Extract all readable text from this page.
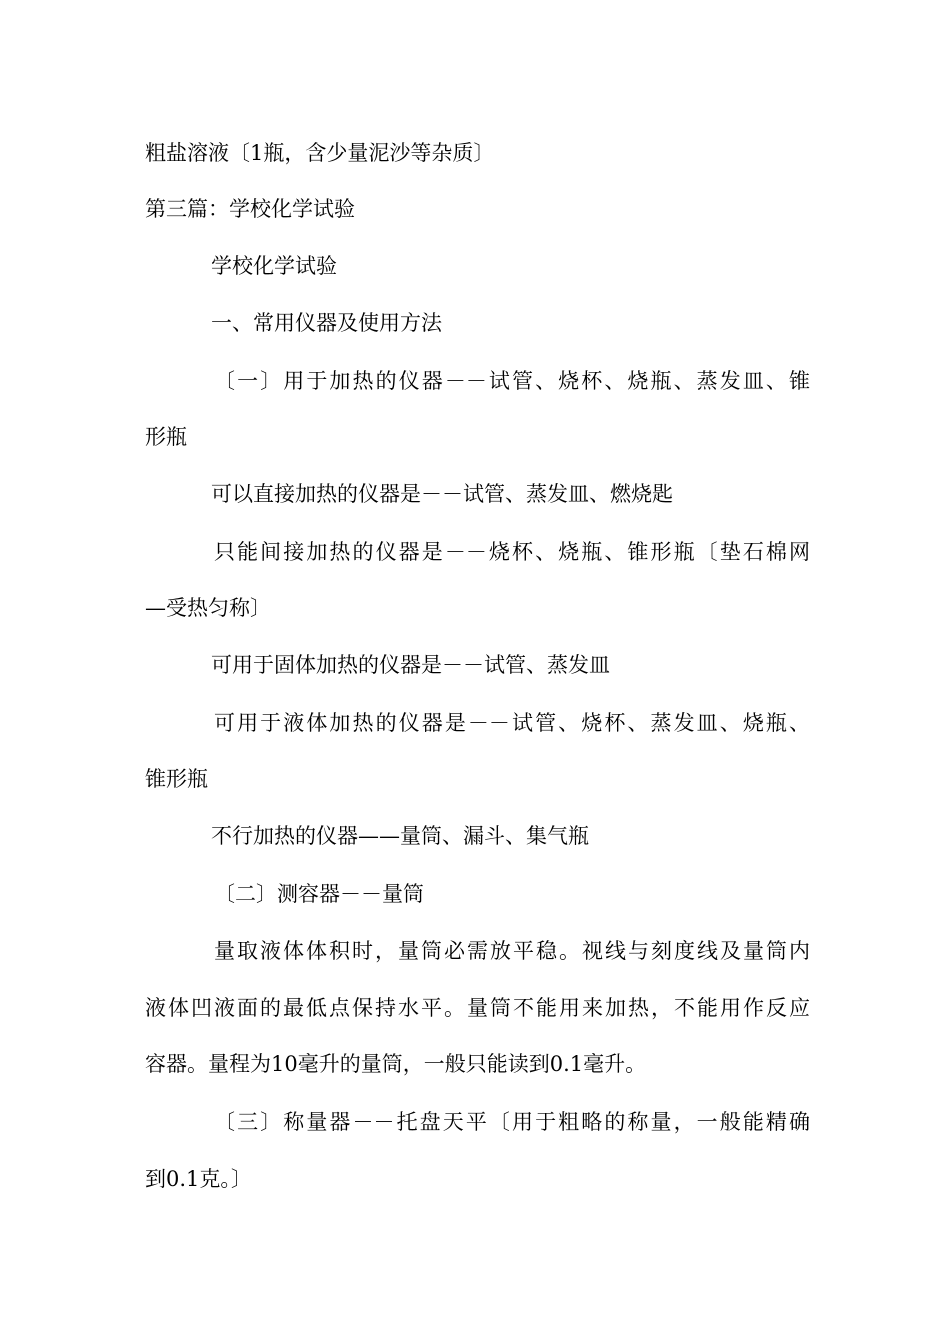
粗盐溶液〔1瓶，含少量泥沙等杂质〕
第三篇：学校化学试验
学校化学试验
一、常用仪器及使用方法
〔一〕用于加热的仪器－－试管、烧杯、烧瓶、蒸发皿、锥
形瓶
可以直接加热的仪器是－－试管、蒸发皿、燃烧匙
只能间接加热的仪器是－－烧杯、烧瓶、锥形瓶〔垫石棉网
—受热匀称〕
可用于固体加热的仪器是－－试管、蒸发皿
可用于液体加热的仪器是－－试管、烧杯、蒸发皿、烧瓶、
锥形瓶
不行加热的仪器——量筒、漏斗、集气瓶
〔二〕测容器－－量筒
量取液体体积时，量筒必需放平稳。视线与刻度线及量筒内
液体凹液面的最低点保持水平。量筒不能用来加热，不能用作反应
容器。量程为10毫升的量筒，一般只能读到0.1毫升。
〔三〕称量器－－托盘天平〔用于粗略的称量，一般能精确
到0.1克。〕
